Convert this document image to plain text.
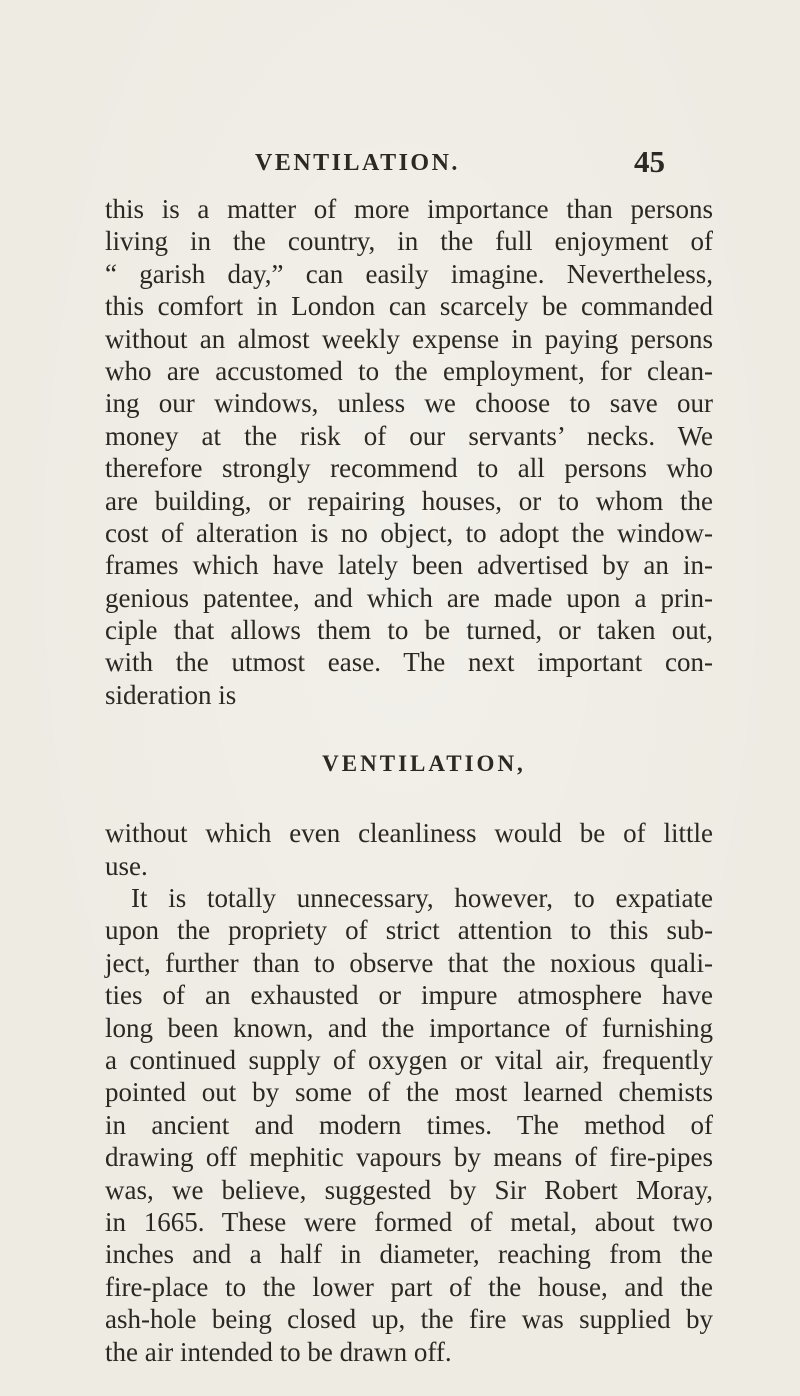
VENTILATION.	45
this is a matter of more importance than persons
living in the country, in the full enjoyment of
“ garish day,” can easily imagine. Nevertheless,
this comfort in London can scarcely be commanded
without an almost weekly expense in paying persons
who are accustomed to the employment, for clean-
ing our windows, unless we choose to save our
money at the risk of our servants’ necks. We
therefore strongly recommend to all persons who
are building, or repairing houses, or to whom the
cost of alteration is no object, to adopt the window-
frames which have lately been advertised by an in-
genious patentee, and which are made upon a prin-
ciple that allows them to be turned, or taken out,
with the utmost ease. The next important con-
sideration is
VENTILATION,
without which even cleanliness would be of little
use.
It is totally unnecessary, however, to expatiate
upon the propriety of strict attention to this sub-
ject, further than to observe that the noxious quali-
ties of an exhausted or impure atmosphere have
long been known, and the importance of furnishing
a continued supply of oxygen or vital air, frequently
pointed out by some of the most learned chemists
in ancient and modern times. The method of
drawing off mephitic vapours by means of fire-pipes
was, we believe, suggested by Sir Robert Moray,
in 1665. These were formed of metal, about two
inches and a half in diameter, reaching from the
fire-place to the lower part of the house, and the
ash-hole being closed up, the fire was supplied by
the air intended to be drawn off.
